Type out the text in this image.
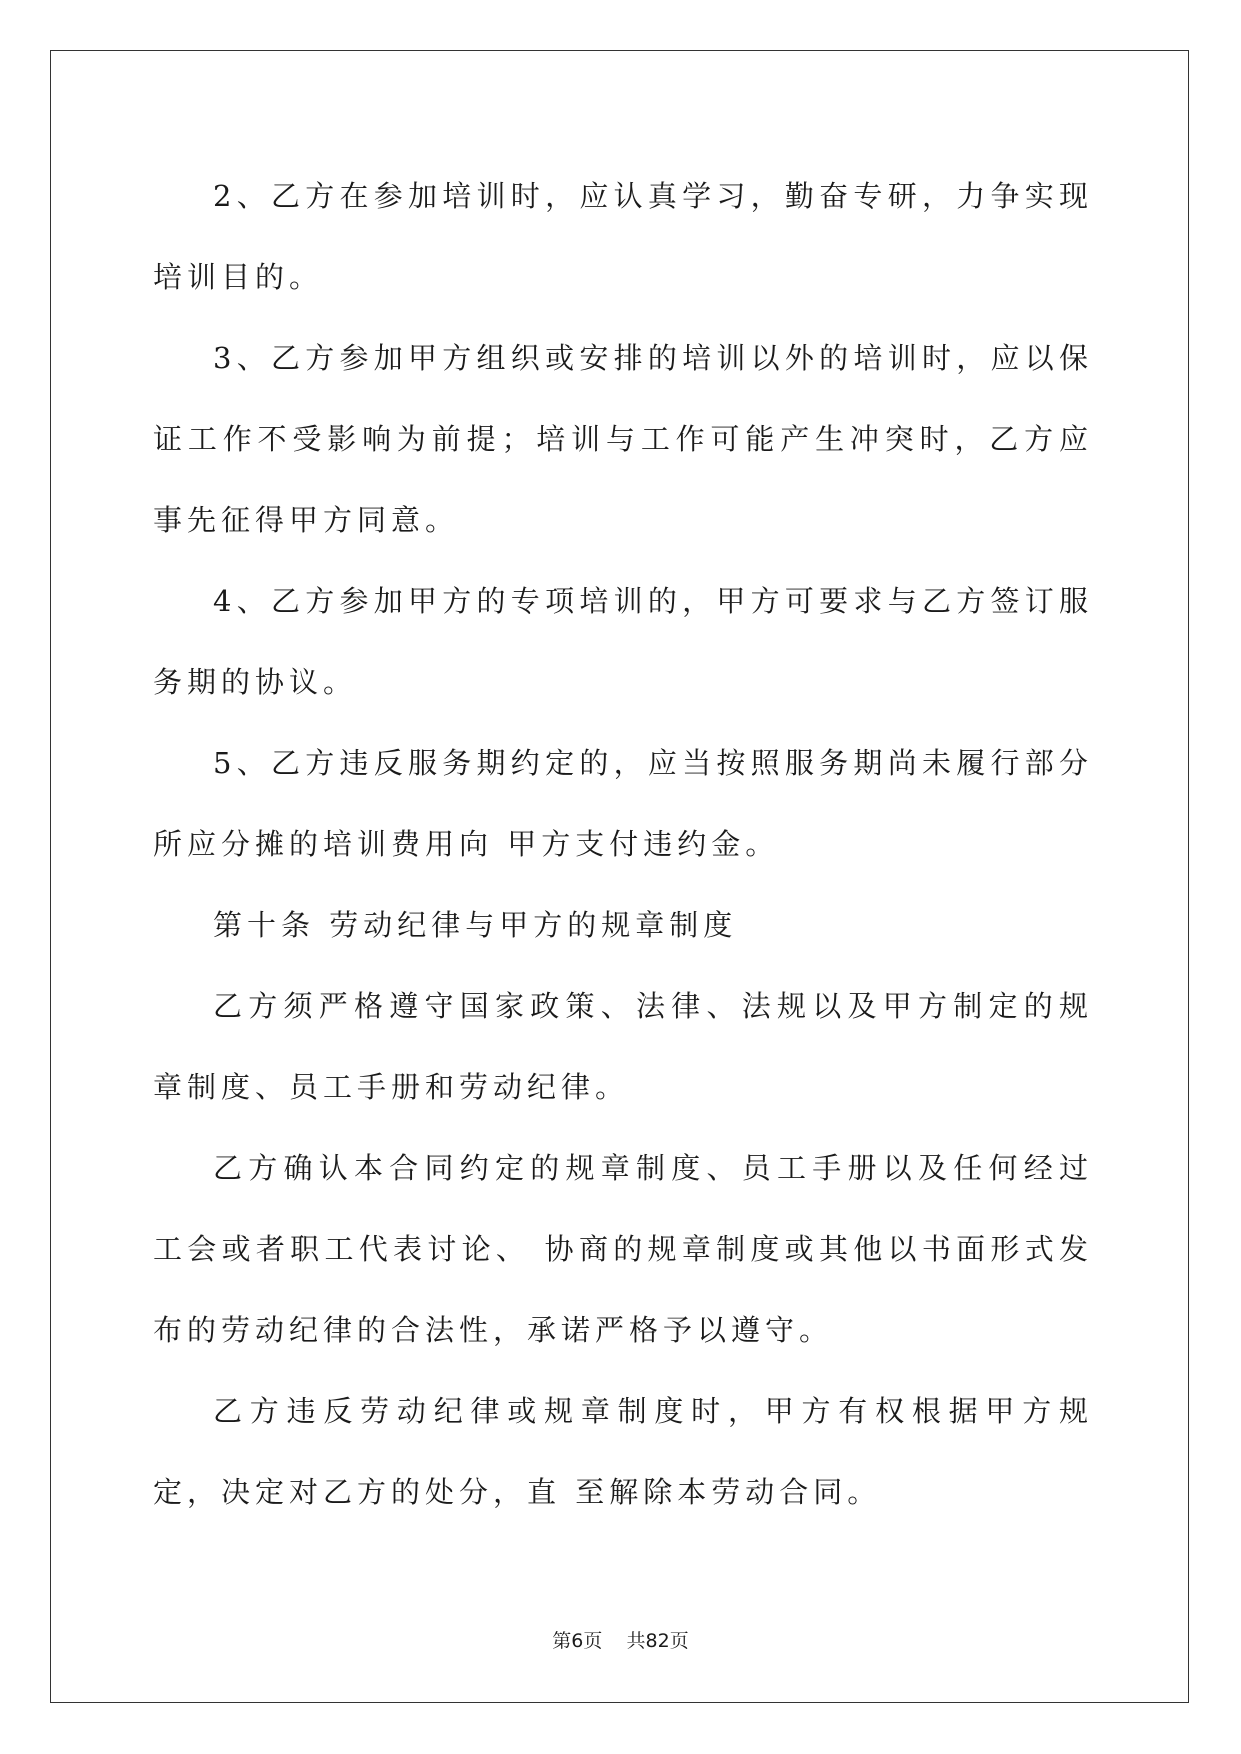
2、乙方在参加培训时，应认真学习，勤奋专研，力争实现培训目的。

3、乙方参加甲方组织或安排的培训以外的培训时，应以保证工作不受影响为前提；培训与工作可能产生冲突时，乙方应事先征得甲方同意。

4、乙方参加甲方的专项培训的，甲方可要求与乙方签订服务期的协议。

5、乙方违反服务期约定的，应当按照服务期尚未履行部分所应分摊的培训费用向 甲方支付违约金。

第十条 劳动纪律与甲方的规章制度

乙方须严格遵守国家政策、法律、法规以及甲方制定的规章制度、员工手册和劳动纪律。

乙方确认本合同约定的规章制度、员工手册以及任何经过工会或者职工代表讨论、 协商的规章制度或其他以书面形式发布的劳动纪律的合法性，承诺严格予以遵守。

乙方违反劳动纪律或规章制度时，甲方有权根据甲方规定，决定对乙方的处分，直 至解除本劳动合同。

第6页 共82页
